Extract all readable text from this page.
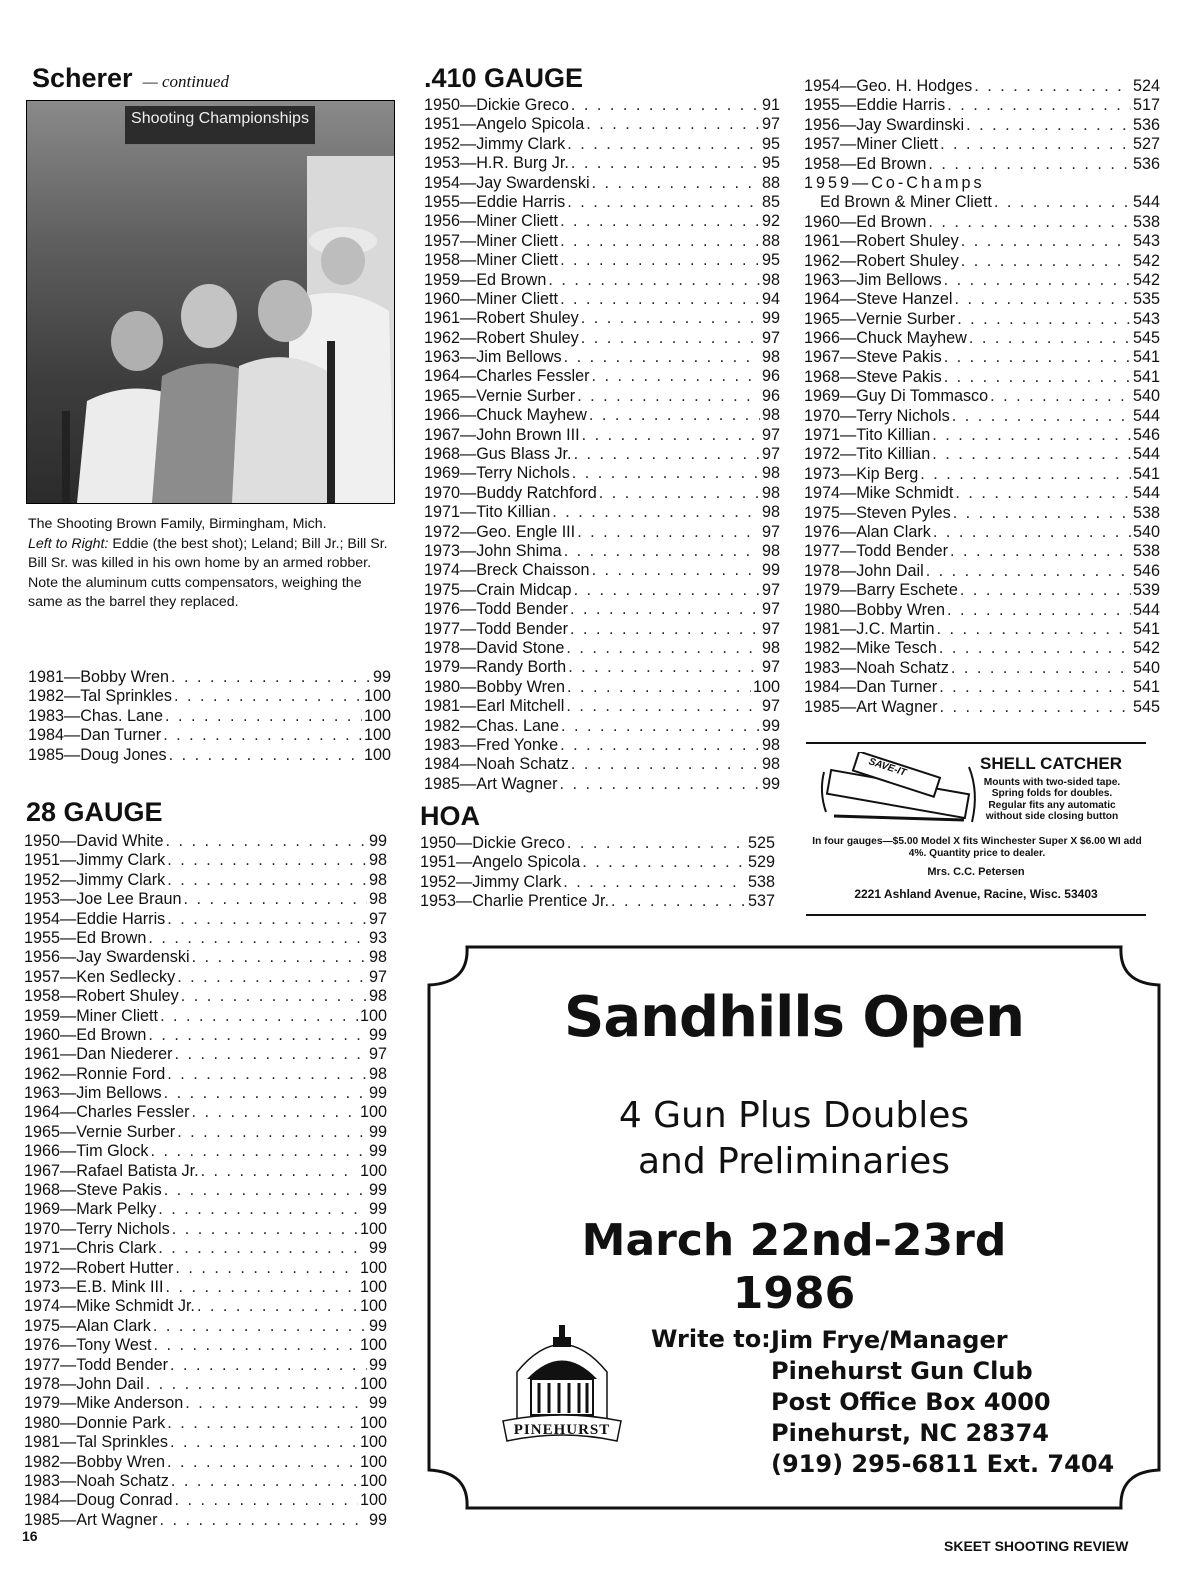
Scherer — continued
Shooting Championships
The Shooting Brown Family, Birmingham, Mich.
Left to Right: Eddie (the best shot); Leland; Bill Jr.; Bill Sr. Bill Sr. was killed in his own home by an armed robber. Note the aluminum cutts compensators, weighing the same as the barrel they replaced.
1981—Bobby Wren . . .	99
1982—Tal Sprinkles . . .	100
1983—Chas. Lane . . .	100
1984—Dan Turner . . .	100
1985—Doug Jones . . .	100
28 GAUGE
1950—David White . . .	99
1951—Jimmy Clark . . .	98
1952—Jimmy Clark . . .	98
1953—Joe Lee Braun . . .	98
1954—Eddie Harris . . .	97
1955—Ed Brown . . .	93
1956—Jay Swardenski . . .	98
1957—Ken Sedlecky . . .	97
1958—Robert Shuley . . .	98
1959—Miner Cliett . . .	100
1960—Ed Brown . . .	99
1961—Dan Niederer . . .	97
1962—Ronnie Ford . . .	98
1963—Jim Bellows . . .	99
1964—Charles Fessler . . .	100
1965—Vernie Surber . . .	99
1966—Tim Glock . . .	99
1967—Rafael Batista Jr. . . .	100
1968—Steve Pakis . . .	99
1969—Mark Pelky . . .	99
1970—Terry Nichols . . .	100
1971—Chris Clark . . .	99
1972—Robert Hutter . . .	100
1973—E.B. Mink III . . .	100
1974—Mike Schmidt Jr. . . .	100
1975—Alan Clark . . .	99
1976—Tony West . . .	100
1977—Todd Bender . . .	99
1978—John Dail . . .	100
1979—Mike Anderson . . .	99
1980—Donnie Park . . .	100
1981—Tal Sprinkles . . .	100
1982—Bobby Wren . . .	100
1983—Noah Schatz . . .	100
1984—Doug Conrad . . .	100
1985—Art Wagner . . .	99
.410 GAUGE
1950—Dickie Greco . . .	91
1951—Angelo Spicola . . .	97
1952—Jimmy Clark . . .	95
1953—H.R. Burg Jr. . . .	95
1954—Jay Swardenski . . .	88
1955—Eddie Harris . . .	85
1956—Miner Cliett . . .	92
1957—Miner Cliett . . .	88
1958—Miner Cliett . . .	95
1959—Ed Brown . . .	98
1960—Miner Cliett . . .	94
1961—Robert Shuley . . .	99
1962—Robert Shuley . . .	97
1963—Jim Bellows . . .	98
1964—Charles Fessler . . .	96
1965—Vernie Surber . . .	96
1966—Chuck Mayhew . . .	98
1967—John Brown III . . .	97
1968—Gus Blass Jr. . . .	97
1969—Terry Nichols . . .	98
1970—Buddy Ratchford . . .	98
1971—Tito Killian . . .	98
1972—Geo. Engle III . . .	97
1973—John Shima . . .	98
1974—Breck Chaisson . . .	99
1975—Crain Midcap . . .	97
1976—Todd Bender . . .	97
1977—Todd Bender . . .	97
1978—David Stone . . .	98
1979—Randy Borth . . .	97
1980—Bobby Wren . . .	100
1981—Earl Mitchell . . .	97
1982—Chas. Lane . . .	99
1983—Fred Yonke . . .	98
1984—Noah Schatz . . .	98
1985—Art Wagner . . .	99
HOA
1950—Dickie Greco . . .	525
1951—Angelo Spicola . . .	529
1952—Jimmy Clark . . .	538
1953—Charlie Prentice Jr. . . .	537
1954—Geo. H. Hodges . . .	524
1955—Eddie Harris . . .	517
1956—Jay Swardinski . . .	536
1957—Miner Cliett . . .	527
1958—Ed Brown . . .	536
1959—Co-Champs
Ed Brown & Miner Cliett . . .	544
1960—Ed Brown . . .	538
1961—Robert Shuley . . .	543
1962—Robert Shuley . . .	542
1963—Jim Bellows . . .	542
1964—Steve Hanzel . . .	535
1965—Vernie Surber . . .	543
1966—Chuck Mayhew . . .	545
1967—Steve Pakis . . .	541
1968—Steve Pakis . . .	541
1969—Guy Di Tommasco . . .	540
1970—Terry Nichols . . .	544
1971—Tito Killian . . .	546
1972—Tito Killian . . .	544
1973—Kip Berg . . .	541
1974—Mike Schmidt . . .	544
1975—Steven Pyles . . .	538
1976—Alan Clark . . .	540
1977—Todd Bender . . .	538
1978—John Dail . . .	546
1979—Barry Eschete . . .	539
1980—Bobby Wren . . .	544
1981—J.C. Martin . . .	541
1982—Mike Tesch . . .	542
1983—Noah Schatz . . .	540
1984—Dan Turner . . .	541
1985—Art Wagner . . .	545
SAVE-IT	SHELL CATCHER
Mounts with two-sided tape. Spring folds for doubles. Regular fits any automatic without side closing button
In four gauges—$5.00 Model X fits Winchester Super X $6.00 WI add 4%. Quantity price to dealer.
Mrs. C.C. Petersen
2221 Ashland Avenue, Racine, Wisc. 53403
Sandhills Open
4 Gun Plus Doubles
and Preliminaries
March 22nd-23rd
1986
PINEHURST
Write to: Jim Frye/Manager
Pinehurst Gun Club
Post Office Box 4000
Pinehurst, NC 28374
(919) 295-6811 Ext. 7404
16
SKEET SHOOTING REVIEW
